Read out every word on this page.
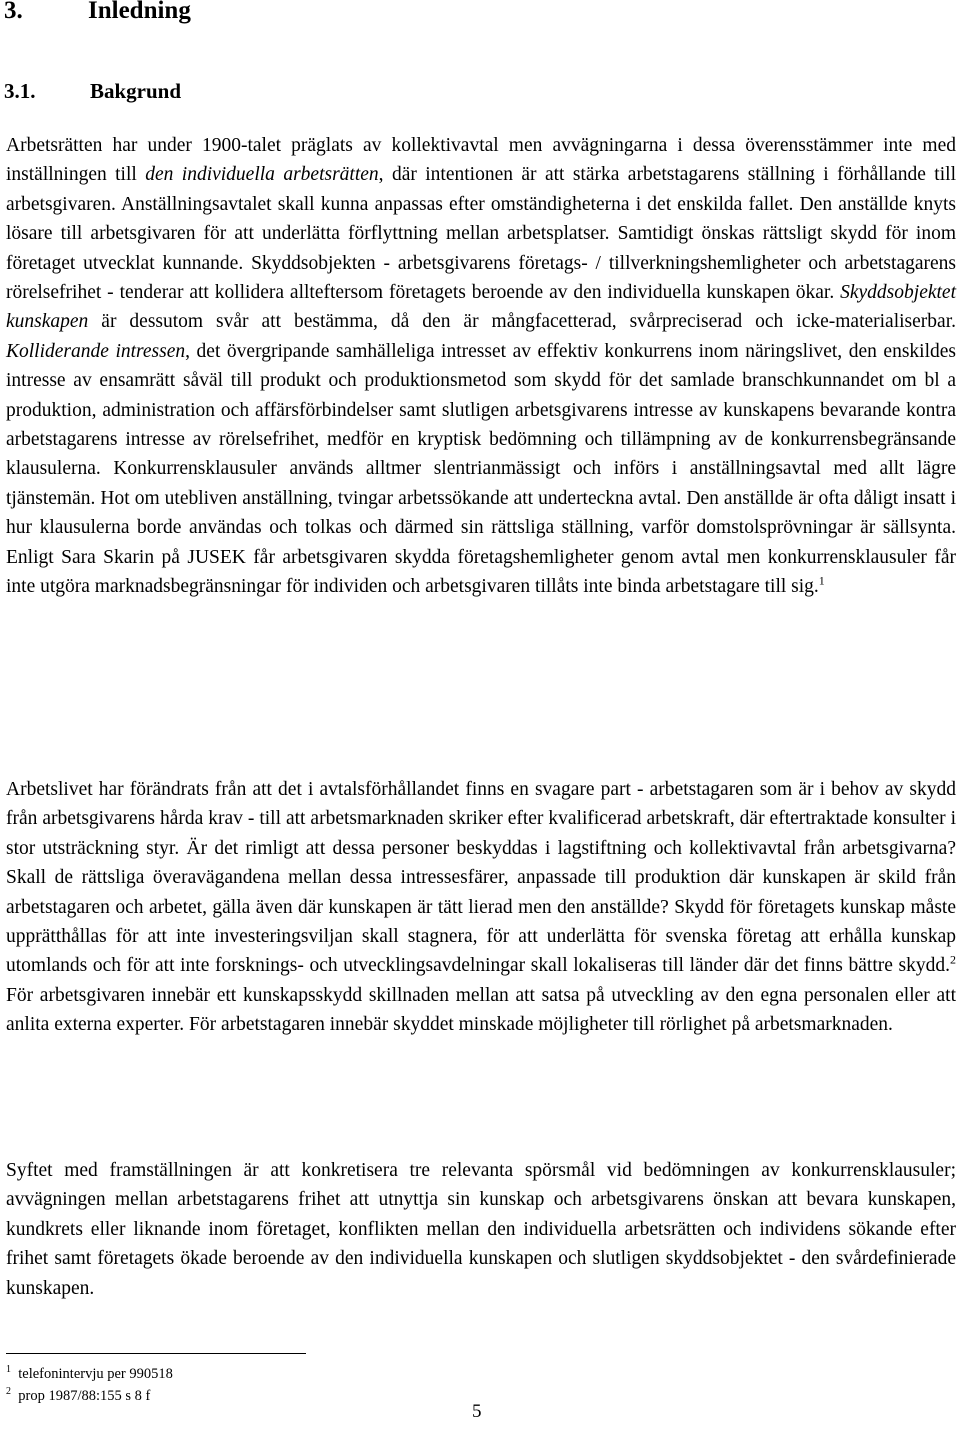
3.	Inledning
3.1.	Bakgrund

Arbetsrätten har under 1900-talet präglats av kollektivavtal men avvägningarna i dessa överensstämmer inte med inställningen till den individuella arbetsrätten, där intentionen är att stärka arbetstagarens ställning i förhållande till arbetsgivaren. Anställningsavtalet skall kunna anpassas efter omständigheterna i det enskilda fallet. Den anställde knyts lösare till arbetsgivaren för att underlätta förflyttning mellan arbetsplatser. Samtidigt önskas rättsligt skydd för inom företaget utvecklat kunnande. Skyddsobjekten - arbetsgivarens företags- / tillverkningshemligheter och arbetstagarens rörelsefrihet - tenderar att kollidera allteftersom företagets beroende av den individuella kunskapen ökar. Skyddsobjektet kunskapen är dessutom svår att bestämma, då den är mångfacetterad, svårpreciserad och icke-materialiserbar. Kolliderande intressen, det övergripande samhälleliga intresset av effektiv konkurrens inom näringslivet, den enskildes intresse av ensamrätt såväl till produkt och produktionsmetod som skydd för det samlade branschkunnandet om bl a produktion, administration och affärsförbindelser samt slutligen arbetsgivarens intresse av kunskapens bevarande kontra arbetstagarens intresse av rörelsefrihet, medför en kryptisk bedömning och tillämpning av de konkurrensbegränsande klausulerna. Konkurrensklausuler används alltmer slentrianmässigt och införs i anställningsavtal med allt lägre tjänstemän. Hot om utebliven anställning, tvingar arbetssökande att underteckna avtal. Den anställde är ofta dåligt insatt i hur klausulerna borde användas och tolkas och därmed sin rättsliga ställning, varför domstolsprövningar är sällsynta. Enligt Sara Skarin på JUSEK får arbetsgivaren skydda företagshemligheter genom avtal men konkurrensklausuler får inte utgöra marknadsbegränsningar för individen och arbetsgivaren tillåts inte binda arbetstagare till sig.$^1$

Arbetslivet har förändrats från att det i avtalsförhållandet finns en svagare part - arbetstagaren som är i behov av skydd från arbetsgivarens hårda krav - till att arbetsmarknaden skriker efter kvalificerad arbetskraft, där eftertraktade konsulter i stor utsträckning styr. Är det rimligt att dessa personer beskyddas i lagstiftning och kollektivavtal från arbetsgivarna? Skall de rättsliga överavägandena mellan dessa intressesfärer, anpassade till produktion där kunskapen är skild från arbetstagaren och arbetet, gälla även där kunskapen är tätt lierad men den anställde? Skydd för företagets kunskap måste upprätthållas för att inte investeringsviljan skall stagnera, för att underlätta för svenska företag att erhålla kunskap utomlands och för att inte forsknings- och utvecklingsavdelningar skall lokaliseras till länder där det finns bättre skydd.$^2$ För arbetsgivaren innebär ett kunskapsskydd skillnaden mellan att satsa på utveckling av den egna personalen eller att anlita externa experter. För arbetstagaren innebär skyddet minskade möjligheter till rörlighet på arbetsmarknaden.

Syftet med framställningen är att konkretisera tre relevanta spörsmål vid bedömningen av konkurrensklausuler; avvägningen mellan arbetstagarens frihet att utnyttja sin kunskap och arbetsgivarens önskan att bevara kunskapen, kundkrets eller liknande inom företaget, konflikten mellan den individuella arbetsrätten och individens sökande efter frihet samt företagets ökade beroende av den individuella kunskapen och slutligen skyddsobjektet - den svårdefinierade kunskapen.

$^1$ telefonintervju per 990518
$^2$ prop 1987/88:155 s 8 f
5
